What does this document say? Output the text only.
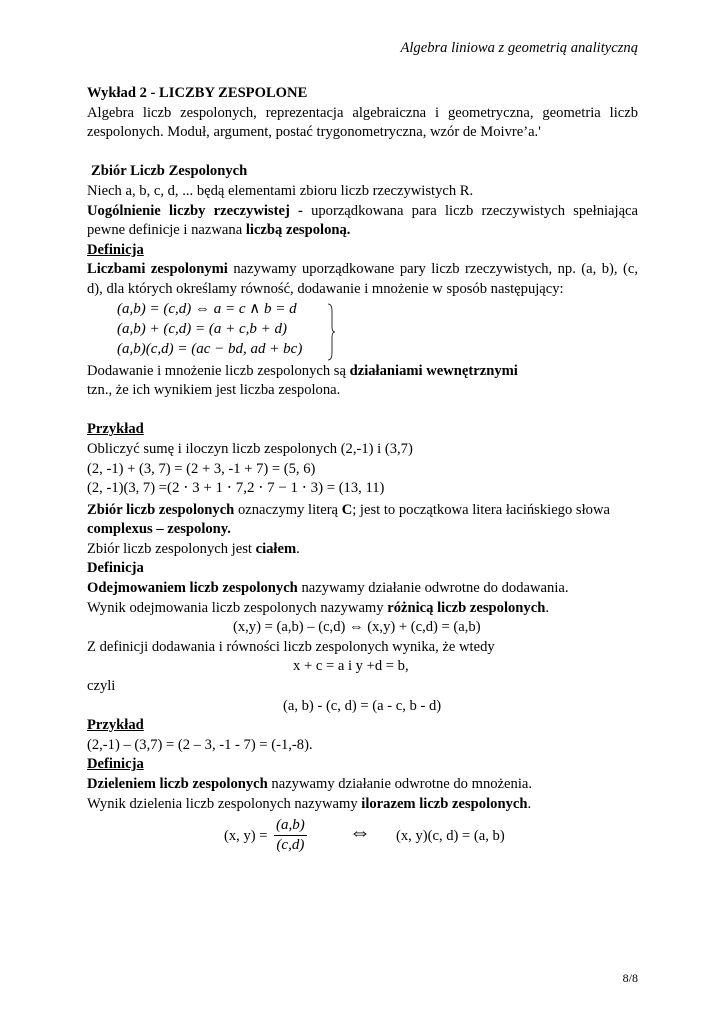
Algebra liniowa z geometrią analityczną
Wykład 2 - LICZBY ZESPOLONE
Algebra liczb zespolonych, reprezentacja algebraiczna i geometryczna, geometria liczb zespolonych. Moduł, argument, postać trygonometryczna, wzór de Moivre’a.'
Zbiór Liczb Zespolonych
Niech a, b, c, d, ... będą elementami zbioru liczb rzeczywistych R.
Uogólnienie liczby rzeczywistej - uporządkowana para liczb rzeczywistych spełniająca pewne definicje i nazwana liczbą zespoloną.
Definicja
Liczbami zespolonymi nazywamy uporządkowane pary liczb rzeczywistych, np. (a, b), (c, d), dla których określamy równość, dodawanie i mnożenie w sposób następujący:
(a,b) = (c,d) ⇔ a = c ∧ b = d
(a,b) + (c,d) = (a + c,b + d)
(a,b)(c,d) = (ac − bd, ad + bc)
Dodawanie i mnożenie liczb zespolonych są działaniami wewnętrznymi
tzn., że ich wynikiem jest liczba zespolona.
Przykład
Obliczyć sumę i iloczyn liczb zespolonych (2,-1) i (3,7)
(2, -1) + (3, 7) = (2 + 3, -1 + 7) = (5, 6)
(2, -1)(3, 7) =(2 ⋅ 3 + 1 ⋅ 7,2 ⋅ 7 − 1 ⋅ 3) = (13, 11)
Zbiór liczb zespolonych oznaczymy literą C; jest to początkowa litera łacińskiego słowa
complexus – zespolony.
Zbiór liczb zespolonych jest ciałem.
Definicja
Odejmowaniem liczb zespolonych nazywamy działanie odwrotne do dodawania.
Wynik odejmowania liczb zespolonych nazywamy różnicą liczb zespolonych.
(x,y) = (a,b) – (c,d) ⇔ (x,y) + (c,d) = (a,b)
Z definicji dodawania i równości liczb zespolonych wynika, że wtedy
x + c = a i y +d = b,
czyli
(a, b) - (c, d) = (a - c, b - d)
Przykład
(2,-1) – (3,7) = (2 – 3, -1 - 7) = (-1,-8).
Definicja
Dzieleniem liczb zespolonych nazywamy działanie odwrotne do mnożenia.
Wynik dzielenia liczb zespolonych nazywamy ilorazem liczb zespolonych.
(x, $y) = \frac{(a,b)}{(c,d)}$ ⇔ (x, y)(c, d) = (a, b)
8/8
